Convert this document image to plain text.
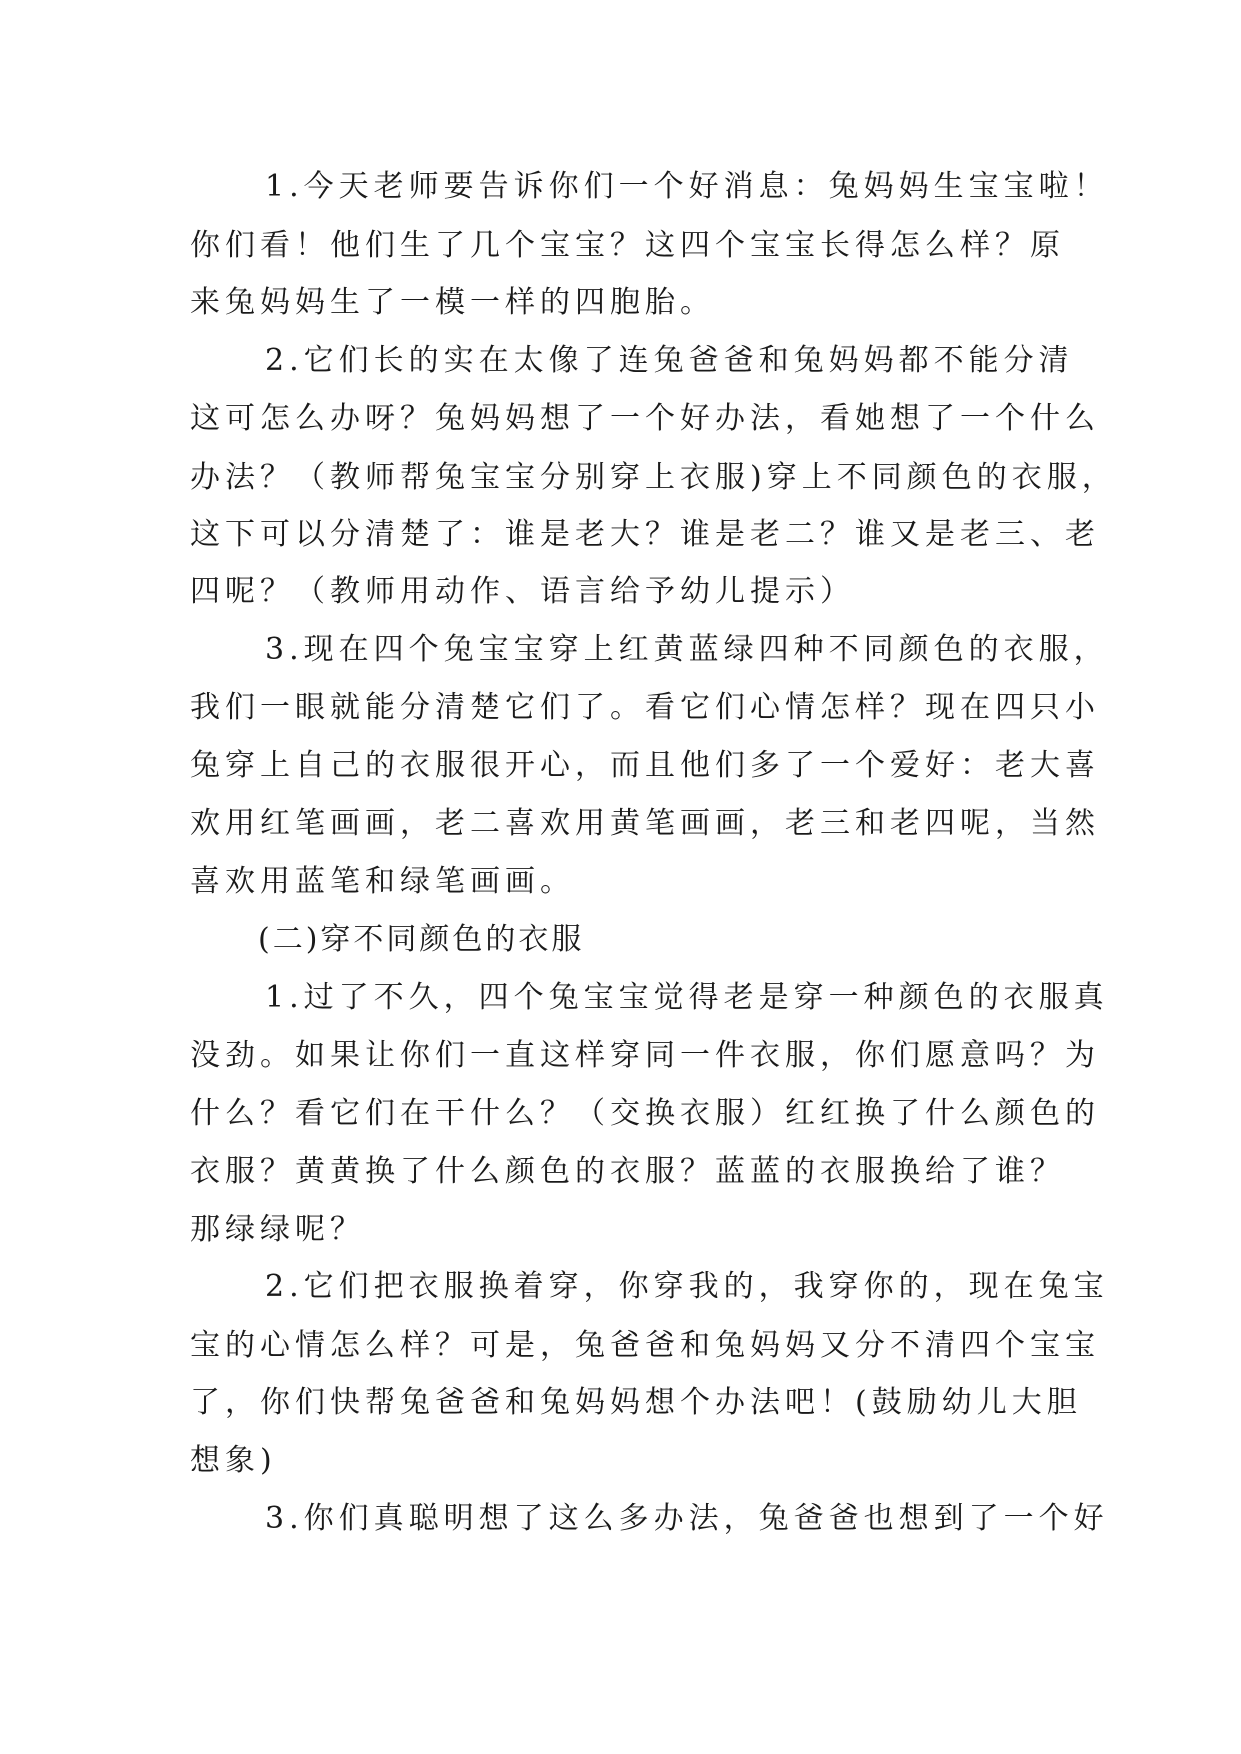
1.今天老师要告诉你们一个好消息：兔妈妈生宝宝啦！
你们看！他们生了几个宝宝？这四个宝宝长得怎么样？原
来兔妈妈生了一模一样的四胞胎。
2.它们长的实在太像了连兔爸爸和兔妈妈都不能分清
这可怎么办呀？兔妈妈想了一个好办法，看她想了一个什么
办法？（教师帮兔宝宝分别穿上衣服)穿上不同颜色的衣服，
这下可以分清楚了：谁是老大？谁是老二？谁又是老三、老
四呢？（教师用动作、语言给予幼儿提示）
3.现在四个兔宝宝穿上红黄蓝绿四种不同颜色的衣服，
我们一眼就能分清楚它们了。看它们心情怎样？现在四只小
兔穿上自己的衣服很开心，而且他们多了一个爱好：老大喜
欢用红笔画画，老二喜欢用黄笔画画，老三和老四呢，当然
喜欢用蓝笔和绿笔画画。
(二)穿不同颜色的衣服
1.过了不久，四个兔宝宝觉得老是穿一种颜色的衣服真
没劲。如果让你们一直这样穿同一件衣服，你们愿意吗？为
什么？看它们在干什么？（交换衣服）红红换了什么颜色的
衣服？黄黄换了什么颜色的衣服？蓝蓝的衣服换给了谁？
那绿绿呢？
2.它们把衣服换着穿，你穿我的，我穿你的，现在兔宝
宝的心情怎么样？可是，兔爸爸和兔妈妈又分不清四个宝宝
了，你们快帮兔爸爸和兔妈妈想个办法吧！(鼓励幼儿大胆
想象)
3.你们真聪明想了这么多办法，兔爸爸也想到了一个好
